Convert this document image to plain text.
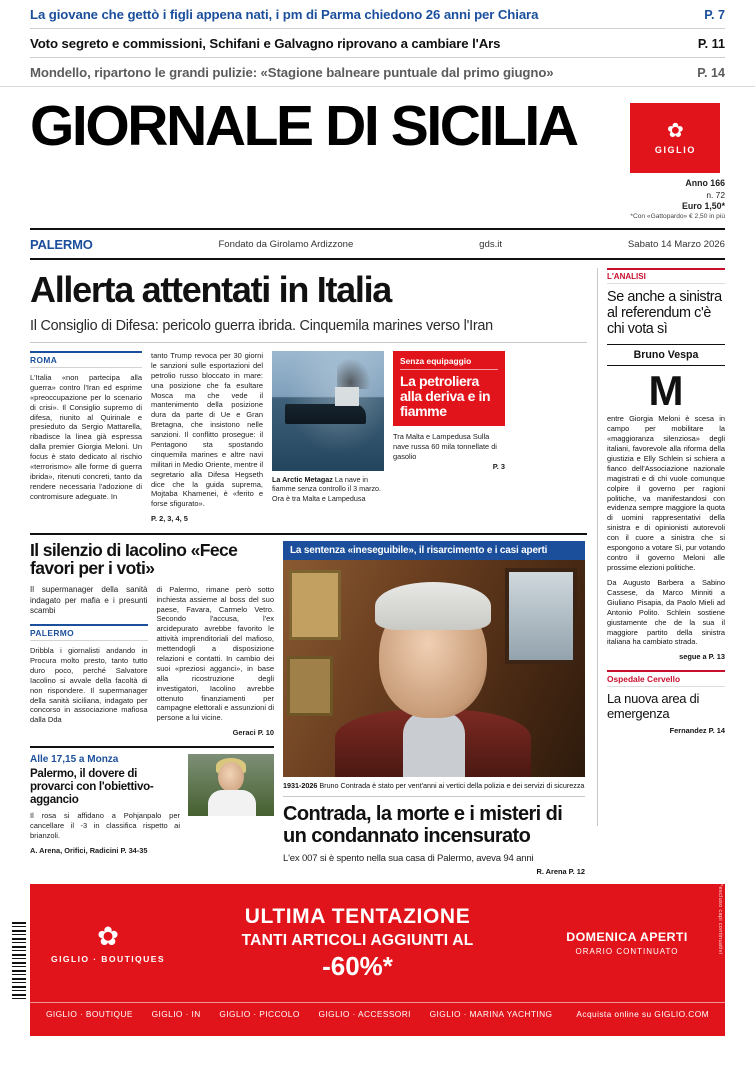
La giovane che gettò i figli appena nati, i pm di Parma chiedono 26 anni per Chiara	P. 7
Voto segreto e commissioni, Schifani e Galvagno riprovano a cambiare l'Ars	P. 11
Mondello, ripartono le grandi pulizie: «Stagione balneare puntuale dal primo giugno»	P. 14
GIORNALE DI SICILIA	✿
GIGLIO
Anno 166
n. 72
Euro 1,50*
*Con «Gattopardo» € 2,50 in più
PALERMO	Fondato da Girolamo Ardizzone	gds.it	Sabato 14 Marzo 2026
Allerta attentati in Italia
Il Consiglio di Difesa: pericolo guerra ibrida. Cinquemila marines verso l'Iran
ROMA

L'Italia «non partecipa alla guerra» contro l'Iran ed esprime «preoccupazione per lo scenario di crisi». Il Consiglio supremo di difesa, riunito al Quirinale e presieduto da Sergio Mattarella, ribadisce la linea già espressa dalla premier Giorgia Meloni. Un focus è stato dedicato al rischio «terrorismo» alle forme di guerra ibrida», ritenuti concreti, tanto da rendere necessaria l'adozione di contromisure adeguate. In

tanto Trump revoca per 30 giorni le sanzioni sulle esportazioni del petrolio russo bloccato in mare: una posizione che fa esultare Mosca ma che vede il mantenimento della posizione dura da parte di Ue e Gran Bretagna, che insistono nelle sanzioni. Il conflitto prosegue: il Pentagono sta spostando cinquemila marines e altre navi militari in Medio Oriente, mentre il segretario alla Difesa Hegseth dice che la guida suprema, Mojtaba Khamenei, è «ferito e forse sfigurato».

P. 2, 3, 4, 5
La Arctic Metagaz La nave in fiamme senza controllo il 3 marzo. Ora è tra Malta e Lampedusa
Senza equipaggio
La petroliera alla deriva e in fiamme
Tra Malta e Lampedusa Sulla nave russa 60 mila tonnellate di gasolio
P. 3
Il silenzio di Iacolino «Fece favori per i voti»
Il supermanager della sanità indagato per mafia e i presunti scambi
PALERMO

Dribbla i giornalisti andando in Procura molto presto, tanto tutto duro poco, perché Salvatore Iacolino si avvale della facoltà di non rispondere. Il supermanager della sanità siciliana, indagato per concorso in associazione mafiosa dalla Dda

di Palermo, rimane però sotto inchiesta assieme al boss del suo paese, Favara, Carmelo Vetro. Secondo l'accusa, l'ex arcidepurato avrebbe favorito le attività imprenditoriali del mafioso, mettendogli a disposizione relazioni e contatti. In cambio dei suoi «preziosi agganci», in base alla ricostruzione degli investigatori, Iacolino avrebbe ottenuto finanziamenti per campagne elettorali e assunzioni di persone a lui vicine.

Geraci P. 10
Alle 17,15 a Monza
Palermo, il dovere di provarci con l'obiettivo-aggancio

Il rosa si affidano a Pohjanpalo per cancellare il -3 in classifica rispetto ai brianzoli.

A. Arena, Orifici, Radicini P. 34-35
La sentenza «ineseguibile», il risarcimento e i casi aperti
1931-2026 Bruno Contrada è stato per vent'anni ai vertici della polizia e dei servizi di sicurezza
Contrada, la morte e i misteri di un condannato incensurato
L'ex 007 si è spento nella sua casa di Palermo, aveva 94 anni
R. Arena P. 12
L'ANALISI
Se anche a sinistra al referendum c'è chi vota sì
Bruno Vespa
M

entre Giorgia Meloni è scesa in campo per mobilitare la «maggioranza silenziosa» degli italiani, favorevole alla riforma della giustizia e Elly Schlein si schiera a fianco dell'Associazione nazionale magistrati e di chi vuole comunque colpire il governo per ragioni politiche, va manifestandosi con evidenza sempre maggiore la quota di uomini rappresentativi della sinistra e di opinionisti autorevoli con il cuore a sinistra che si espongono a votare Sì, pur votando contro il governo Meloni alle prossime elezioni politiche.

Da Augusto Barbera a Sabino Cassese, da Marco Minniti a Giuliano Pisapia, da Paolo Mieli ad Antonio Polito. Schlein sostiene giustamente che de la sua il maggiore partito della sinistra italiana ha cambiato strada.

segue a P. 13
Ospedale Cervello
La nuova area di emergenza
Fernandez P. 14
✿
GIGLIO · BOUTIQUES
ULTIMA TENTAZIONE
TANTI ARTICOLI AGGIUNTI AL
-60%*
DOMENICA APERTI
ORARIO CONTINUATO
GIGLIO · BOUTIQUE GIGLIO · IN GIGLIO · PICCOLO GIGLIO · ACCESSORI GIGLIO · MARINA YACHTING	Acquista online su GIGLIO.COM
*escluso capi continuativi
